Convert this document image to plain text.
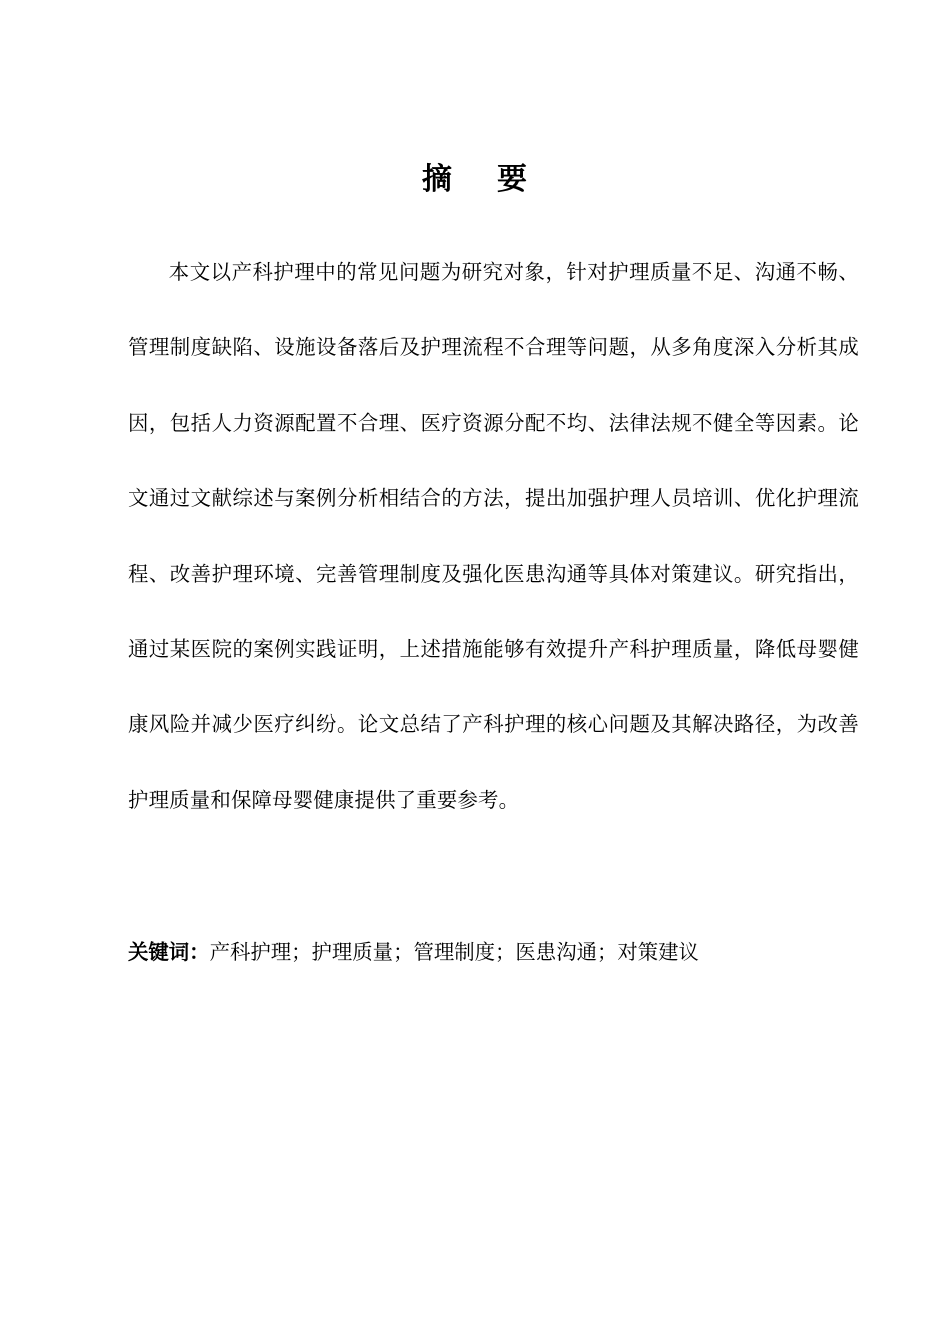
摘 要

本文以产科护理中的常见问题为研究对象，针对护理质量不足、沟通不畅、管理制度缺陷、设施设备落后及护理流程不合理等问题，从多角度深入分析其成因，包括人力资源配置不合理、医疗资源分配不均、法律法规不健全等因素。论文通过文献综述与案例分析相结合的方法，提出加强护理人员培训、优化护理流程、改善护理环境、完善管理制度及强化医患沟通等具体对策建议。研究指出，通过某医院的案例实践证明，上述措施能够有效提升产科护理质量，降低母婴健康风险并减少医疗纠纷。论文总结了产科护理的核心问题及其解决路径，为改善护理质量和保障母婴健康提供了重要参考。

关键词：产科护理；护理质量；管理制度；医患沟通；对策建议
